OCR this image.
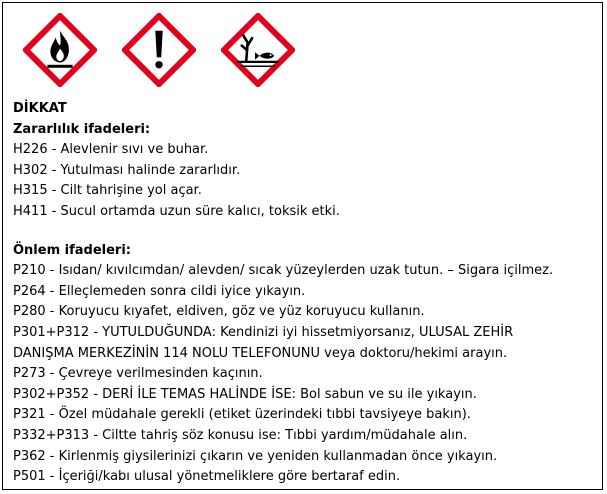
DİKKAT
Zararlılık ifadeleri:
H226 - Alevlenir sıvı ve buhar.
H302 - Yutulması halinde zararlıdır.
H315 - Cilt tahrişine yol açar.
H411 - Sucul ortamda uzun süre kalıcı, toksik etki.
Önlem ifadeleri:
P210 - Isıdan/ kıvılcımdan/ alevden/ sıcak yüzeylerden uzak tutun. – Sigara içilmez.
P264 - Elleçlemeden sonra cildi iyice yıkayın.
P280 - Koruyucu kıyafet, eldiven, göz ve yüz koruyucu kullanın.
P301+P312 - YUTULDUĞUNDA: Kendinizi iyi hissetmiyorsanız, ULUSAL ZEHİR
DANIŞMA MERKEZİNİN 114 NOLU TELEFONUNU veya doktoru/hekimi arayın.
P273 - Çevreye verilmesinden kaçının.
P302+P352 - DERİ İLE TEMAS HALİNDE İSE: Bol sabun ve su ile yıkayın.
P321 - Özel müdahale gerekli (etiket üzerindeki tıbbi tavsiyeye bakın).
P332+P313 - Ciltte tahriş söz konusu ise: Tıbbi yardım/müdahale alın.
P362 - Kirlenmiş giysilerinizi çıkarın ve yeniden kullanmadan önce yıkayın.
P501 - İçeriği/kabı ulusal yönetmeliklere göre bertaraf edin.
